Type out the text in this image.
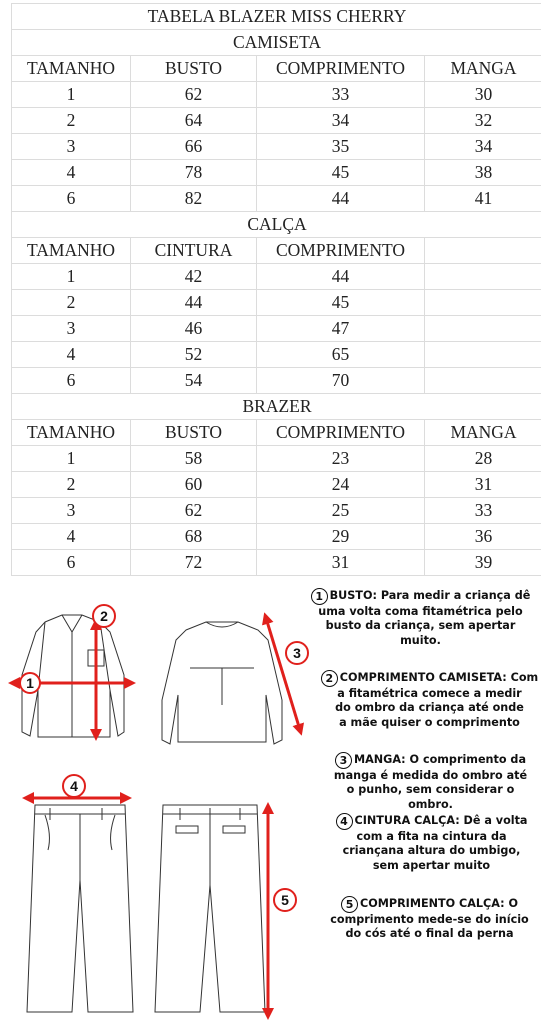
TABELA BLAZER MISS CHERRY			
CAMISETA			
TAMANHO	BUSTO	COMPRIMENTO	MANGA
1	62	33	30
2	64	34	32
3	66	35	34
4	78	45	38
6	82	44	41
CALÇA			
TAMANHO	CINTURA	COMPRIMENTO	
1	42	44	
2	44	45	
3	46	47	
4	52	65	
6	54	70	
BRAZER			
TAMANHO	BUSTO	COMPRIMENTO	MANGA
1	58	23	28
2	60	24	31
3	62	25	33
4	68	29	36
6	72	31	39
1
2
3
4
5
1 BUSTO: Para medir a criança dê
uma volta coma fitamétrica pelo
busto da criança, sem apertar
muito.
2 COMPRIMENTO CAMISETA: Com
a fitamétrica comece a medir
do ombro da criança até onde
a mãe quiser o comprimento
3 MANGA: O comprimento da
manga é medida do ombro até
o punho, sem considerar o
ombro.
4 CINTURA CALÇA: Dê a volta
com a fita na cintura da
criançana altura do umbigo,
sem apertar muito
5 COMPRIMENTO CALÇA: O
comprimento mede-se do início
do cós até o final da perna
